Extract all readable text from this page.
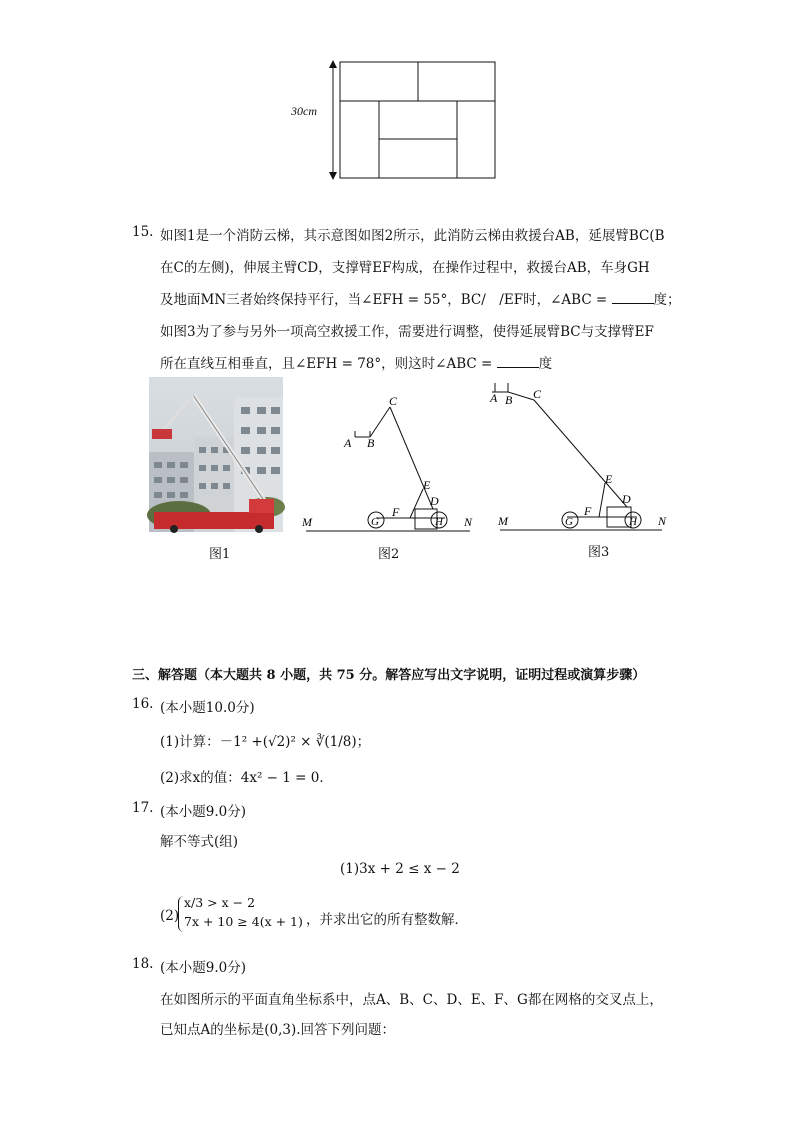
30cm
15. 如图1是一个消防云梯，其示意图如图2所示，此消防云梯由救援台AB，延展臂BC(B
在C的左侧)，伸展主臂CD，支撑臂EF构成，在操作过程中，救援台AB，车身GH
及地面MN三者始终保持平行，当∠EFH = 55°，BC/　/EF时，∠ABC =	度；
如图3为了参与另外一项高空救援工作，需要进行调整，使得延展臂BC与支撑臂EF
所在直线互相垂直，且∠EFH = 78°，则这时∠ABC =	度
图1
M	N
A B
C
E
D
F
G	H
图2
M	N
A B C
E
D
F
G	H
图3
三、解答题（本大题共 8 小题，共 75 分。解答应写出文字说明，证明过程或演算步骤）
16. (本小题10.0分)
(1)计算：－1² +(√2)² × ∛(1/8)；
(2)求x的值：4x² − 1 = 0．
17. (本小题9.0分)
解不等式(组)
(1)3x + 2 ≤ x − 2
(2)
x/3 > x − 2
7x + 10 ≥ 4(x + 1) ，并求出它的所有整数解．
18. (本小题9.0分)
在如图所示的平面直角坐标系中，点A、B、C、D、E、F、G都在网格的交叉点上，
已知点A的坐标是(0,3).回答下列问题：
